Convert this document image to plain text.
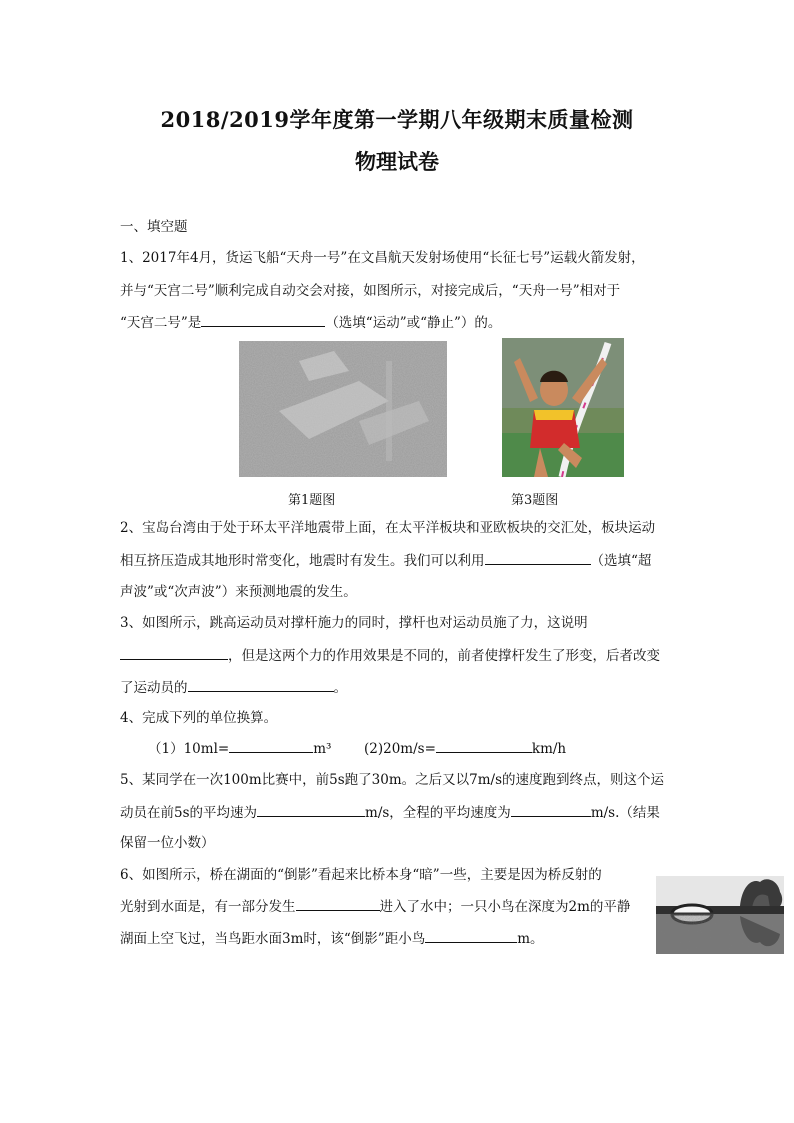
2018/2019学年度第一学期八年级期末质量检测
物理试卷
一、填空题
1、2017年4月，货运飞船“天舟一号”在文昌航天发射场使用“长征七号”运载火箭发射，
并与“天宫二号”顺利完成自动交会对接，如图所示，对接完成后，“天舟一号”相对于
“天宫二号”是	（选填“运动”或“静止”）的。
第1题图	第3题图
2、宝岛台湾由于处于环太平洋地震带上面，在太平洋板块和亚欧板块的交汇处，板块运动
相互挤压造成其地形时常变化，地震时有发生。我们可以利用	（选填“超
声波”或“次声波”）来预测地震的发生。
3、如图所示，跳高运动员对撑杆施力的同时，撑杆也对运动员施了力，这说明
，但是这两个力的作用效果是不同的，前者使撑杆发生了形变，后者改变
了运动员的	。
4、完成下列的单位换算。
（1）10ml=	m³ (2)20m/s=	km/h
5、某同学在一次100m比赛中，前5s跑了30m。之后又以7m/s的速度跑到终点，则这个运
动员在前5s的平均速为	m/s，全程的平均速度为	m/s.（结果
保留一位小数）
6、如图所示，桥在湖面的“倒影”看起来比桥本身“暗”一些，主要是因为桥反射的
光射到水面是，有一部分发生	进入了水中；一只小鸟在深度为2m的平静
湖面上空飞过，当鸟距水面3m时，该“倒影”距小鸟	m。
